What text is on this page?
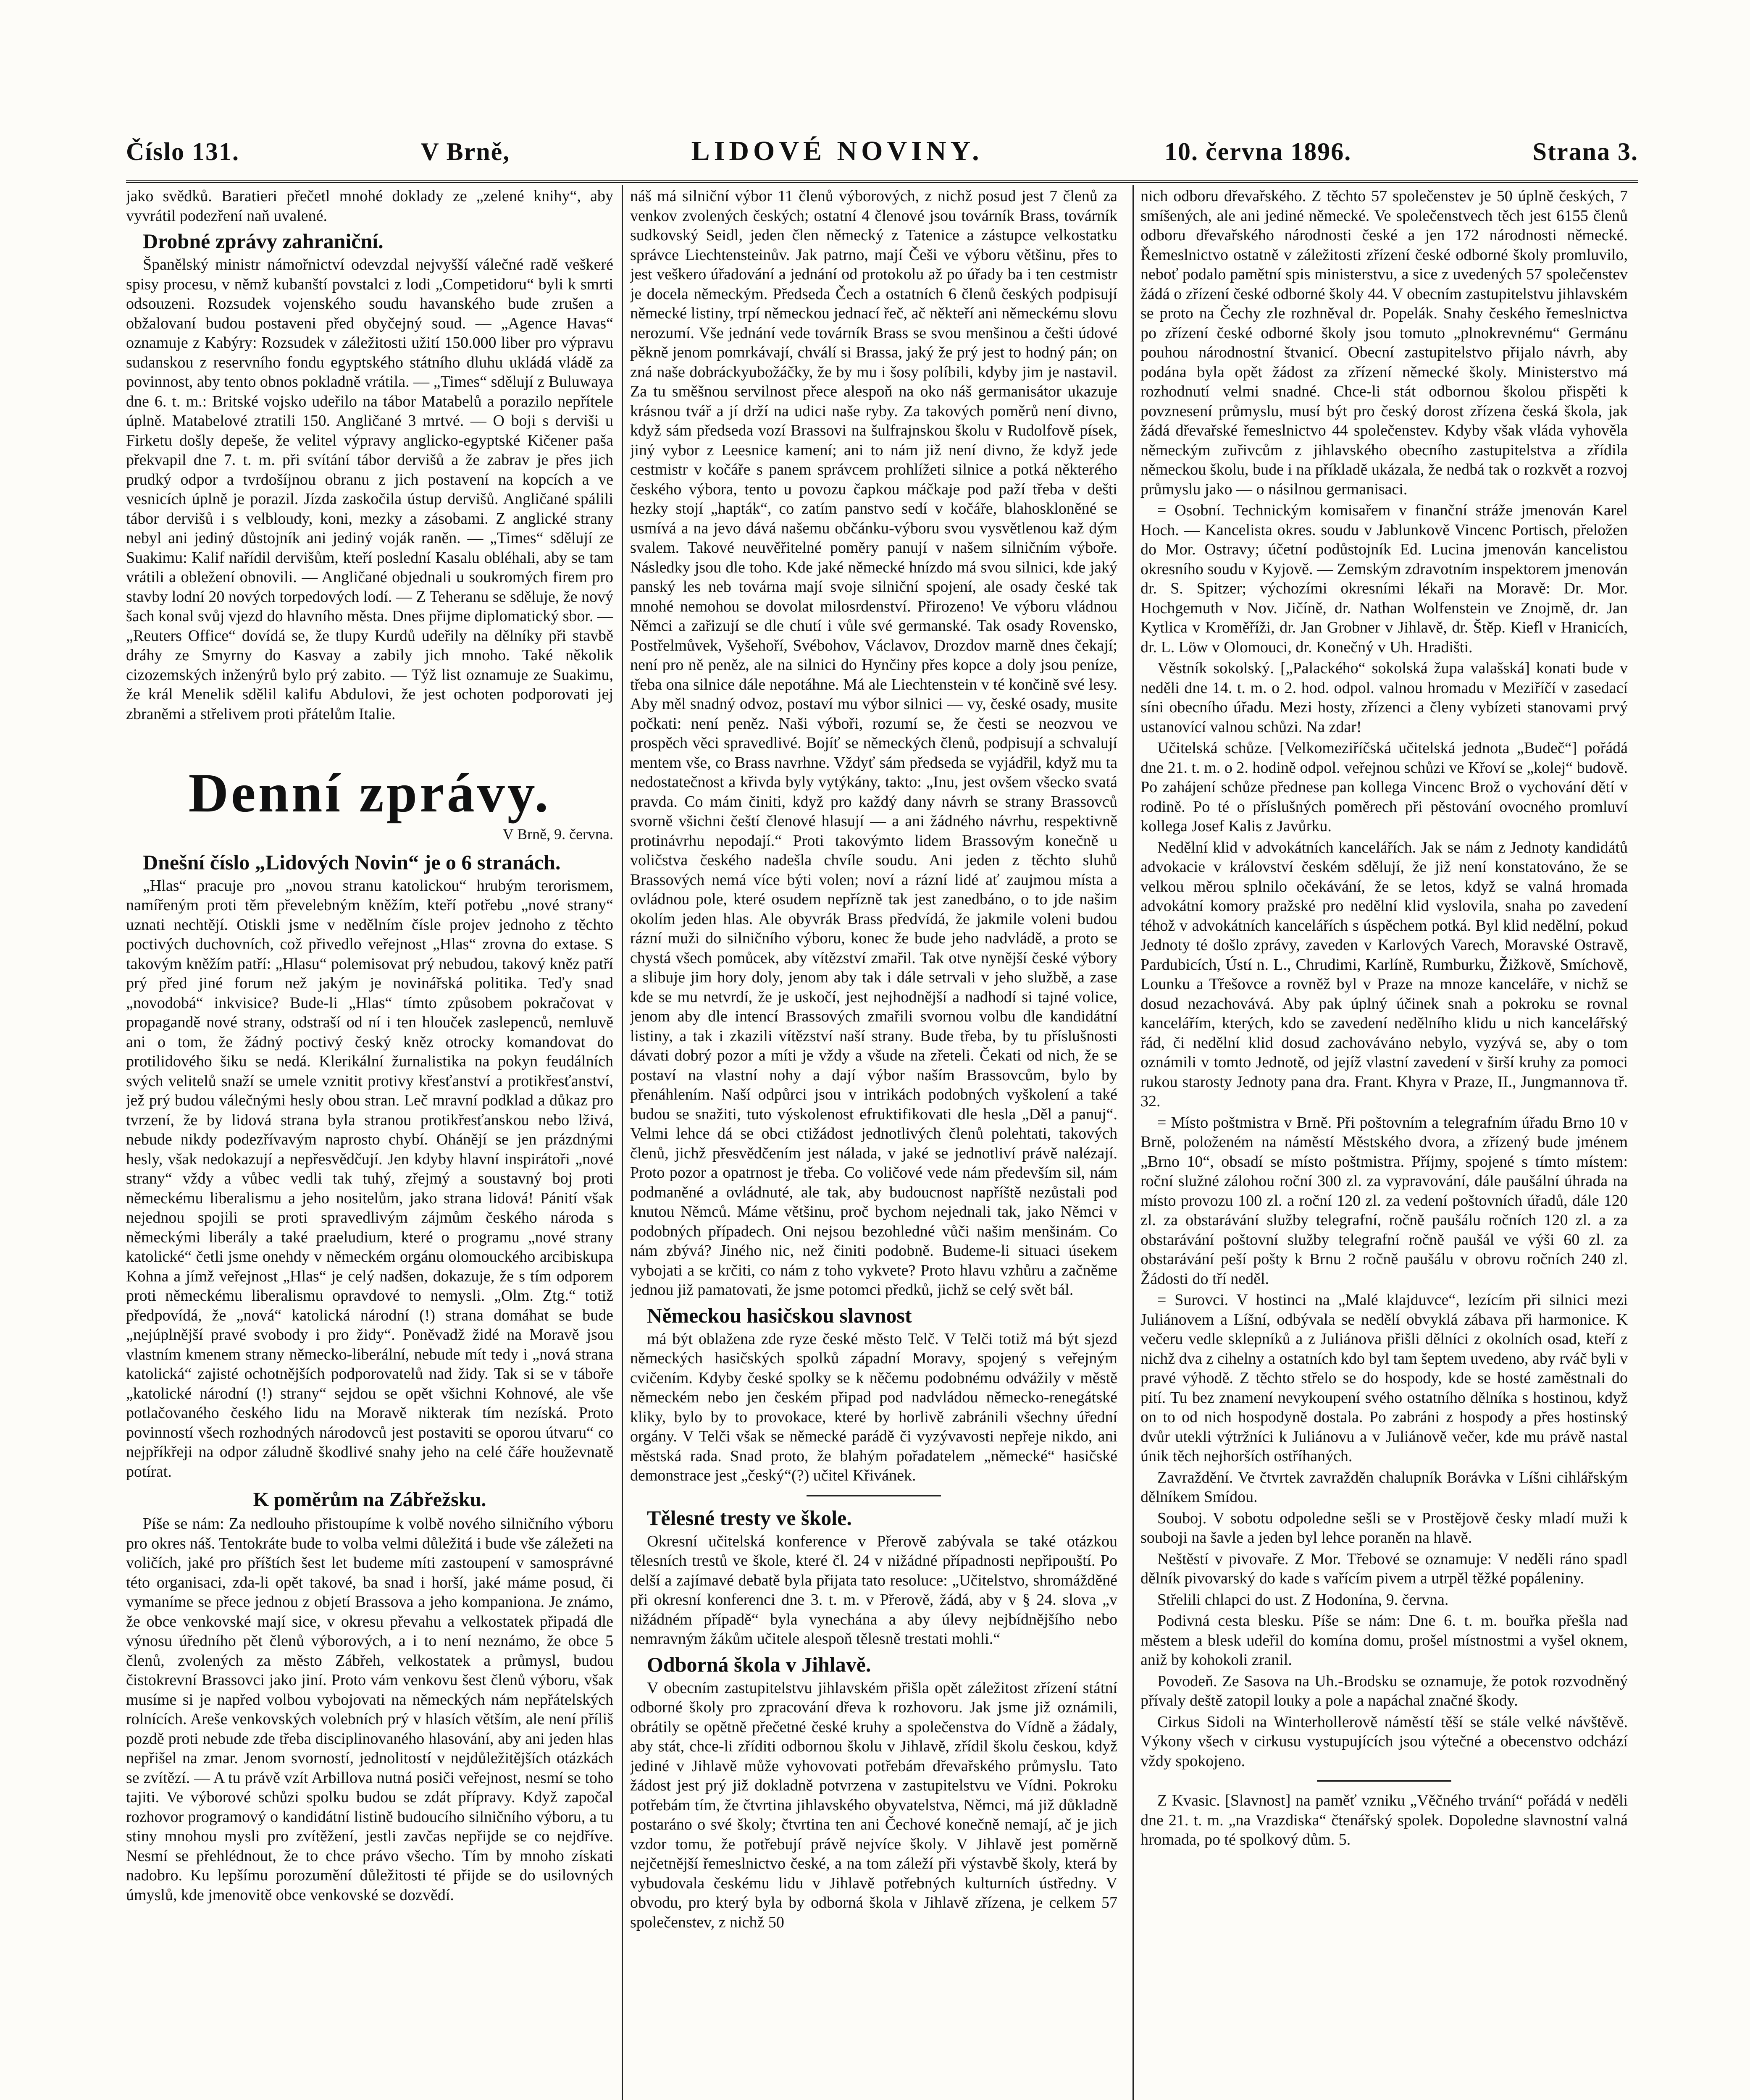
Číslo 131.	V Brně,	LIDOVÉ NOVINY.	10. června 1896.	Strana 3.

jako svědků. Baratieri přečetl mnohé doklady ze „zelené knihy“, aby vyvrátil podezření naň uvalené.

Drobné zprávy zahraniční.

Španělský ministr námořnictví odevzdal nejvyšší válečné radě veškeré spisy procesu, v němž kubanští povstalci z lodi „Competidoru“ byli k smrti odsouzeni. Rozsudek vojenského soudu havanského bude zrušen a obžalovaní budou postaveni před obyčejný soud. — „Agence Havas“ oznamuje z Kabýry: Rozsudek v záležitosti užití 150.000 liber pro výpravu sudanskou z reservního fondu egyptského státního dluhu ukládá vládě za povinnost, aby tento obnos pokladně vrátila. — „Times“ sdělují z Buluwaya dne 6. t. m.: Britské vojsko udeřilo na tábor Matabelů a porazilo nepřítele úplně. Matabelové ztratili 150. Angličané 3 mrtvé. — O boji s derviši u Firketu došly depeše, že velitel výpravy anglicko-egyptské Kičener paša překvapil dne 7. t. m. při svítání tábor dervišů a že zabrav je přes jich prudký odpor a tvrdošíjnou obranu z jich postavení na kopcích a ve vesnicích úplně je porazil. Jízda zaskočila ústup dervišů. Angličané spálili tábor dervišů i s velbloudy, koni, mezky a zásobami. Z anglické strany nebyl ani jediný důstojník ani jediný voják raněn. — „Times“ sdělují ze Suakimu: Kalif nařídil dervišům, kteří poslední Kasalu obléhali, aby se tam vrátili a obležení obnovili. — Angličané objednali u soukromých firem pro stavby lodní 20 nových torpedových lodí. — Z Teheranu se sděluje, že nový šach konal svůj vjezd do hlavního města. Dnes přijme diplomatický sbor. — „Reuters Office“ dovídá se, že tlupy Kurdů udeřily na dělníky při stavbě dráhy ze Smyrny do Kasvay a zabily jich mnoho. Také několik cizozemských inženýrů bylo prý zabito. — Týž list oznamuje ze Suakimu, že král Menelik sdělil kalifu Abdulovi, že jest ochoten podporovati jej zbraněmi a střelivem proti přátelům Italie.

Denní zprávy.
V Brně, 9. června.
Dnešní číslo „Lidových Novin“ je o 6 stranách.

„Hlas“ pracuje pro „novou stranu katolickou“ hrubým terorismem, namířeným proti těm převelebným kněžím, kteří potřebu „nové strany“ uznati nechtějí. Otiskli jsme v nedělním čísle projev jednoho z těchto poctivých duchovních, což přivedlo veřejnost „Hlas“ zrovna do extase. S takovým kněžím patří: „Hlasu“ polemisovat prý nebudou, takový kněz patří prý před jiné forum než jakým je novinářská politika. Teďy snad „novodobá“ inkvisice? Bude-li „Hlas“ tímto způsobem pokračovat v propagandě nové strany, odstraší od ní i ten hlouček zaslepenců, nemluvě ani o tom, že žádný poctivý český kněz otrocky komandovat do protilidového šiku se nedá. Klerikální žurnalistika na pokyn feudálních svých velitelů snaží se umele vznitit protivy křesťanství a protikřesťanství, jež prý budou válečnými hesly obou stran. Leč mravní podklad a důkaz pro tvrzení, že by lidová strana byla stranou protikřesťanskou nebo lživá, nebude nikdy podezřívavým naprosto chybí. Ohánějí se jen prázdnými hesly, však nedokazují a nepřesvědčují. Jen kdyby hlavní inspirátoři „nové strany“ vždy a vůbec vedli tak tuhý, zřejmý a soustavný boj proti německému liberalismu a jeho nositelům, jako strana lidová! Pánití však nejednou spojili se proti spravedlivým zájmům českého národa s německými liberály a také praeludium, které o programu „nové strany katolické“ četli jsme onehdy v německém orgánu olomouckého arcibiskupa Kohna a jímž veřejnost „Hlas“ je celý nadšen, dokazuje, že s tím odporem proti německému liberalismu opravdové to nemysli. „Olm. Ztg.“ totiž předpovídá, že „nová“ katolická národní (!) strana domáhat se bude „nejúplnější pravé svobody i pro židy“. Poněvadž židé na Moravě jsou vlastním kmenem strany německo-liberální, nebude mít tedy i „nová strana katolická“ zajisté ochotnějších podporovatelů nad židy. Tak si se v táboře „katolické národní (!) strany“ sejdou se opět všichni Kohnové, ale vše potlačovaného českého lidu na Moravě nikterak tím nezíská. Proto povinností všech rozhodných národovců jest postaviti se oporou útvaru“ co nejpříkřeji na odpor záludně škodlivé snahy jeho na celé čáře houževnatě potírat.

K poměrům na Zábřežsku.

Píše se nám: Za nedlouho přistoupíme k volbě nového silničního výboru pro okres náš. Tentokráte bude to volba velmi důležitá i bude vše záležeti na voličích, jaké pro příštích šest let budeme míti zastoupení v samosprávné této organisaci, zda-li opět takové, ba snad i horší, jaké máme posud, či vymaníme se přece jednou z objetí Brassova a jeho kompaniona. Je známo, že obce venkovské mají sice, v okresu převahu a velkostatek připadá dle výnosu úředního pět členů výborových, a i to není neznámo, že obce 5 členů, zvolených za město Zábřeh, velkostatek a průmysl, budou čistokrevní Brassovci jako jiní. Proto vám venkovu šest členů výboru, však musíme si je napřed volbou vybojovati na německých nám nepřátelských rolnících. Areše venkovských volebních prý v hlasích větším, ale není příliš pozdě proti nebude zde třeba disciplinovaného hlasování, aby ani jeden hlas nepřišel na zmar. Jenom svorností, jednolitostí v nejdůležitějších otázkách se zvítězí. — A tu právě vzít Arbillova nutná posiči veřejnost, nesmí se toho tajiti. Ve výborové schůzi spolku budou se zdát přípravy. Když započal rozhovor programový o kandidátní listině budoucího silničního výboru, a tu stiny mnohou mysli pro zvítěžení, jestli zavčas nepřijde se co nejdříve. Nesmí se přehlédnout, že to chce právo všecho. Tím by mnoho získati nadobro. Ku lepšímu porozumění důležitosti té přijde se do usilovných úmyslů, kde jmenovitě obce venkovské se dozvědí.

náš má silniční výbor 11 členů výborových, z nichž posud jest 7 členů za venkov zvolených českých; ostatní 4 členové jsou továrník Brass, továrník sudkovský Seidl, jeden člen německý z Tatenice a zástupce velkostatku správce Liechtensteinův. Jak patrno, mají Češi ve výboru většinu, přes to jest veškero úřadování a jednání od protokolu až po úřady ba i ten cestmistr je docela německým. Předseda Čech a ostatních 6 členů českých podpisují německé listiny, trpí německou jednací řeč, ač někteří ani německému slovu nerozumí. Vše jednání vede továrník Brass se svou menšinou a češti údové pěkně jenom pomrkávají, chválí si Brassa, jaký že prý jest to hodný pán; on zná naše dobráckyubožáčky, že by mu i šosy políbili, kdyby jim je nastavil. Za tu směšnou servilnost přece alespoň na oko náš germanisátor ukazuje krásnou tvář a jí drží na udici naše ryby. Za takových poměrů není divno, když sám předseda vozí Brassovi na šulfrajnskou školu v Rudolfově písek, jiný vybor z Leesnice kamení; ani to nám již není divno, že když jede cestmistr v kočáře s panem správcem prohlížeti silnice a potká některého českého výbora, tento u povozu čapkou máčkaje pod paží třeba v dešti hezky stojí „hapták“, co zatím panstvo sedí v kočáře, blahoskloněné se usmívá a na jevo dává našemu občánku-výboru svou vysvětlenou kaž dým svalem. Takové neuvěřitelné poměry panují v našem silničním výboře. Následky jsou dle toho. Kde jaké německé hnízdo má svou silnici, kde jaký panský les neb továrna mají svoje silniční spojení, ale osady české tak mnohé nemohou se dovolat milosrdenství. Přirozeno! Ve výboru vládnou Němci a zařizují se dle chutí i vůle své germanské. Tak osady Rovensko, Postřelmůvek, Vyšehoří, Svébohov, Václavov, Drozdov marně dnes čekají; není pro ně peněz, ale na silnici do Hynčiny přes kopce a doly jsou peníze, třeba ona silnice dále nepotáhne. Má ale Liechtenstein v té končině své lesy. Aby měl snadný odvoz, postaví mu výbor silnici — vy, české osady, musite počkati: není peněz. Naši výboři, rozumí se, že česti se neozvou ve prospěch věci spravedlivé. Bojíť se německých členů, podpisují a schvalují mentem vše, co Brass navrhne. Vždyť sám předseda se vyjádřil, když mu ta nedostatečnost a křivda byly vytýkány, takto: „Inu, jest ovšem všecko svatá pravda. Co mám činiti, když pro každý dany návrh se strany Brassovců svorně všichni čeští členové hlasují — a ani žádného návrhu, respektivně protinávrhu nepodají.“ Proti takovýmto lidem Brassovým konečně u voličstva českého nadešla chvíle soudu. Ani jeden z těchto sluhů Brassových nemá více býti volen; noví a rázní lidé ať zaujmou místa a ovládnou pole, které osudem nepřízně tak jest zanedbáno, o to jde našim okolím jeden hlas. Ale obyvrák Brass předvídá, že jakmile voleni budou rázní muži do silničního výboru, konec že bude jeho nadvládě, a proto se chystá všech pomůcek, aby vítězství zmařil. Tak otve nynější české výbory a slibuje jim hory doly, jenom aby tak i dále setrvali v jeho službě, a zase kde se mu netvrdí, že je uskočí, jest nejhodnější a nadhodí si tajné volice, jenom aby dle intencí Brassových zmařili svornou volbu dle kandidátní listiny, a tak i zkazili vítězství naší strany. Bude třeba, by tu příslušnosti dávati dobrý pozor a míti je vždy a všude na zřeteli. Čekati od nich, že se postaví na vlastní nohy a dají výbor naším Brassovcům, bylo by přenáhlením. Naší odpůrci jsou v intrikách podobných vyškolení a také budou se snažiti, tuto výskolenost efruktifikovati dle hesla „Děl a panuj“. Velmi lehce dá se obci ctižádost jednotlivých členů polehtati, takových členů, jichž přesvědčením jest nálada, v jaké se jednotliví právě nalézají. Proto pozor a opatrnost je třeba. Co voličové vede nám především sil, nám podmaněné a ovládnuté, ale tak, aby budoucnost napříště nezůstali pod knutou Němců. Máme většinu, proč bychom nejednali tak, jako Němci v podobných případech. Oni nejsou bezohledné vůči našim menšinám. Co nám zbývá? Jiného nic, než činiti podobně. Budeme-li situaci úsekem vybojati a se krčiti, co nám z toho vykvete? Proto hlavu vzhůru a začněme jednou již pamatovati, že jsme potomci předků, jichž se celý svět bál.

Německou hasičskou slavnost

má být oblažena zde ryze české město Telč. V Telči totiž má být sjezd německých hasičských spolků západní Moravy, spojený s veřejným cvičením. Kdyby české spolky se k něčemu podobnému odvážily v městě německém nebo jen českém připad pod nadvládou německo-renegátské kliky, bylo by to provokace, které by horlivě zabránili všechny úřední orgány. V Telči však se německé parádě či vyzývavosti nepřeje nikdo, ani městská rada. Snad proto, že blahým pořadatelem „německé“ hasičské demonstrace jest „český“(?) učitel Křivánek.

Tělesné tresty ve škole.

Okresní učitelská konference v Přerově zabývala se také otázkou tělesních trestů ve škole, které čl. 24 v nižádné případnosti nepřipouští. Po delší a zajímavé debatě byla přijata tato resoluce: „Učitelstvo, shromážděné při okresní konferenci dne 3. t. m. v Přerově, žádá, aby v § 24. slova „v nižádném případě“ byla vynechána a aby úlevy nejbídnějšího nebo nemravným žákům učitele alespoň tělesně trestati mohli.“

Odborná škola v Jihlavě.

V obecním zastupitelstvu jihlavském přišla opět záležitost zřízení státní odborné školy pro zpracování dřeva k rozhovoru. Jak jsme již oznámili, obrátily se opětně přečetné české kruhy a společenstva do Vídně a žádaly, aby stát, chce-li zříditi odbornou školu v Jihlavě, zřídil školu českou, když jediné v Jihlavě může vyhovovati potřebám dřevařského průmyslu. Tato žádost jest prý již dokladně potvrzena v zastupitelstvu ve Vídni. Pokroku potřebám tím, že čtvrtina jihlavského obyvatelstva, Němci, má již důkladně postaráno o své školy; čtvrtina ten ani Čechové konečně nemají, ač je jich vzdor tomu, že potřebují právě nejvíce školy. V Jihlavě jest poměrně nejčetnější řemeslnictvo české, a na tom záleží při výstavbě školy, která by vybudovala českému lidu v Jihlavě potřebných kulturních ústředny. V obvodu, pro který byla by odborná škola v Jihlavě zřízena, je celkem 57 společenstev, z nichž 50

nich odboru dřevařského. Z těchto 57 společenstev je 50 úplně českých, 7 smíšených, ale ani jediné německé. Ve společenstvech těch jest 6155 členů odboru dřevařského národnosti české a jen 172 národnosti německé. Řemeslnictvo ostatně v záležitosti zřízení české odborné školy promluvilo, neboť podalo pamětní spis ministerstvu, a sice z uvedených 57 společenstev žádá o zřízení české odborné školy 44. V obecním zastupitelstvu jihlavském se proto na Čechy zle rozhněval dr. Popelák. Snahy českého řemeslnictva po zřízení české odborné školy jsou tomuto „plnokrevnému“ Germánu pouhou národnostní štvanicí. Obecní zastupitelstvo přijalo návrh, aby podána byla opět žádost za zřízení německé školy. Ministerstvo má rozhodnutí velmi snadné. Chce-li stát odbornou školou přispěti k povznesení průmyslu, musí být pro český dorost zřízena česká škola, jak žádá dřevařské řemeslnictvo 44 společenstev. Kdyby však vláda vyhověla německým zuřivcům z jihlavského obecního zastupitelstva a zřídila německou školu, bude i na příkladě ukázala, že nedbá tak o rozkvět a rozvoj průmyslu jako — o násilnou germanisaci.

= Osobní. Technickým komisařem v finanční stráže jmenován Karel Hoch. — Kancelista okres. soudu v Jablunkově Vincenc Portisch, přeložen do Mor. Ostravy; účetní podůstojník Ed. Lucina jmenován kancelistou okresního soudu v Kyjově. — Zemským zdravotním inspektorem jmenován dr. S. Spitzer; výchozími okresními lékaři na Moravě: Dr. Mor. Hochgemuth v Nov. Jičíně, dr. Nathan Wolfenstein ve Znojmě, dr. Jan Kytlica v Kroměříži, dr. Jan Grobner v Jihlavě, dr. Štěp. Kiefl v Hranicích, dr. L. Löw v Olomouci, dr. Konečný v Uh. Hradišti.

Věstník sokolský. [„Palackého“ sokolská župa valašská] konati bude v neděli dne 14. t. m. o 2. hod. odpol. valnou hromadu v Meziříčí v zasedací síni obecního úřadu. Mezi hosty, zřízenci a členy vybízeti stanovami prvý ustanovící valnou schůzi. Na zdar!

Učitelská schůze. [Velkomeziříčská učitelská jednota „Budeč“] pořádá dne 21. t. m. o 2. hodině odpol. veřejnou schůzi ve Křoví se „kolej“ budově. Po zahájení schůze přednese pan kollega Vincenc Brož o vychování dětí v rodině. Po té o příslušných poměrech při pěstování ovocného promluví kollega Josef Kalis z Javůrku.

Nedělní klid v advokátních kancelářích. Jak se nám z Jednoty kandidátů advokacie v království českém sdělují, že již není konstatováno, že se velkou měrou splnilo očekávání, že se letos, když se valná hromada advokátní komory pražské pro nedělní klid vyslovila, snaha po zavedení téhož v advokátních kancelářích s úspěchem potká. Byl klid nedělní, pokud Jednoty té došlo zprávy, zaveden v Karlových Varech, Moravské Ostravě, Pardubicích, Ústí n. L., Chrudimi, Karlíně, Rumburku, Žižkově, Smíchově, Lounku a Třešovce a rovněž byl v Praze na mnoze kanceláře, v nichž se dosud nezachovává. Aby pak úplný účinek snah a pokroku se rovnal kancelářím, kterých, kdo se zavedení nedělního klidu u nich kancelářský řád, či nedělní klid dosud zachováváno nebylo, vyzývá se, aby o tom oznámili v tomto Jednotě, od jejíž vlastní zavedení v širší kruhy za pomoci rukou starosty Jednoty pana dra. Frant. Khyra v Praze, II., Jungmannova tř. 32.

= Místo poštmistra v Brně. Při poštovním a telegrafním úřadu Brno 10 v Brně, položeném na náměstí Městského dvora, a zřízený bude jménem „Brno 10“, obsadí se místo poštmistra. Příjmy, spojené s tímto místem: roční služné zálohou roční 300 zl. za vypravování, dále paušální úhrada na místo provozu 100 zl. a roční 120 zl. za vedení poštovních úřadů, dále 120 zl. za obstarávání služby telegrafní, ročně paušálu ročních 120 zl. a za obstarávání poštovní služby telegrafní ročně paušál ve výši 60 zl. za obstarávání peší pošty k Brnu 2 ročně paušálu v obrovu ročních 240 zl. Žádosti do tří neděl.

= Surovci. V hostinci na „Malé klajduvce“, lezícím při silnici mezi Juliánovem a Líšní, odbývala se nedělí obvyklá zábava při harmonice. K večeru vedle sklepníků a z Juliánova přišli dělníci z okolních osad, kteří z nichž dva z cihelny a ostatních kdo byl tam šeptem uvedeno, aby rváč byli v pravé výhodě. Z těchto střelo se do hospody, kde se hosté zaměstnali do pití. Tu bez znamení nevykoupení svého ostatního dělníka s hostinou, když on to od nich hospodyně dostala. Po zabráni z hospody a přes hostinský dvůr utekli výtržníci k Juliánovu a v Juliánově večer, kde mu právě nastal únik těch nejhorších ostříhaných.

Zavraždění. Ve čtvrtek zavražděn chalupník Borávka v Líšni cihlářským dělníkem Smídou.

Souboj. V sobotu odpoledne sešli se v Prostějově česky mladí muži k souboji na šavle a jeden byl lehce poraněn na hlavě.

Neštěstí v pivovaře. Z Mor. Třebové se oznamuje: V neděli ráno spadl dělník pivovarský do kade s vařícím pivem a utrpěl těžké popáleniny.

Střelili chlapci do ust. Z Hodonína, 9. června.

Podivná cesta blesku. Píše se nám: Dne 6. t. m. bouřka přešla nad městem a blesk udeřil do komína domu, prošel místnostmi a vyšel oknem, aniž by kohokoli zranil.

Povodeň. Ze Sasova na Uh.-Brodsku se oznamuje, že potok rozvodněný přívaly deště zatopil louky a pole a napáchal značné škody.

Cirkus Sidoli na Winterhollerově náměstí těší se stále velké návštěvě. Výkony všech v cirkusu vystupujících jsou výtečné a obecenstvo odchází vždy spokojeno.

Z Kvasic. [Slavnost] na paměť vzniku „Věčného trvání“ pořádá v neděli dne 21. t. m. „na Vrazdiska“ čtenářský spolek. Dopoledne slavnostní valná hromada, po té spolkový dům. 5.
